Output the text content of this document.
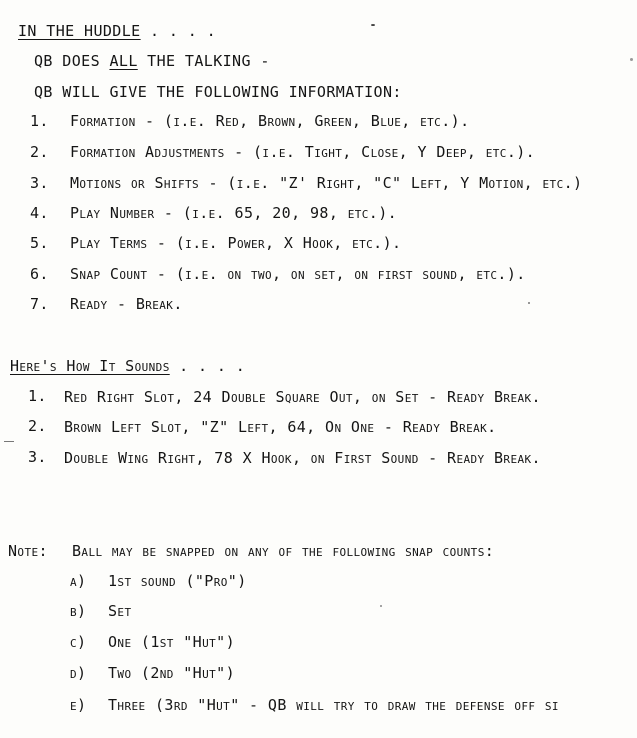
IN THE HUDDLE . . . .
QB DOES ALL THE TALKING -
QB WILL GIVE THE FOLLOWING INFORMATION:
1. Formation - (i.e. Red, Brown, Green, Blue, etc.).
2. Formation Adjustments - (i.e. Tight, Close, Y Deep, etc.).
3. Motions or Shifts - (i.e. "Z' Right, "C" Left, Y Motion, etc.)
4. Play Number - (i.e. 65, 20, 98, etc.).
5. Play Terms - (i.e. Power, X Hook, etc.).
6. Snap Count - (i.e. on two, on set, on first sound, etc.).
7. Ready - Break.
Here's How It Sounds . . . .
1. Red Right Slot, 24 Double Square Out, on Set - Ready Break.
2. Brown Left Slot, "Z" Left, 64, On One - Ready Break.
3. Double Wing Right, 78 X Hook, on First Sound - Ready Break.
Note: Ball may be snapped on any of the following snap counts:
a) 1st sound ("Pro")
b) Set
c) One (1st "Hut")
d) Two (2nd "Hut")
e) Three (3rd "Hut" - QB will try to draw the defense off si
